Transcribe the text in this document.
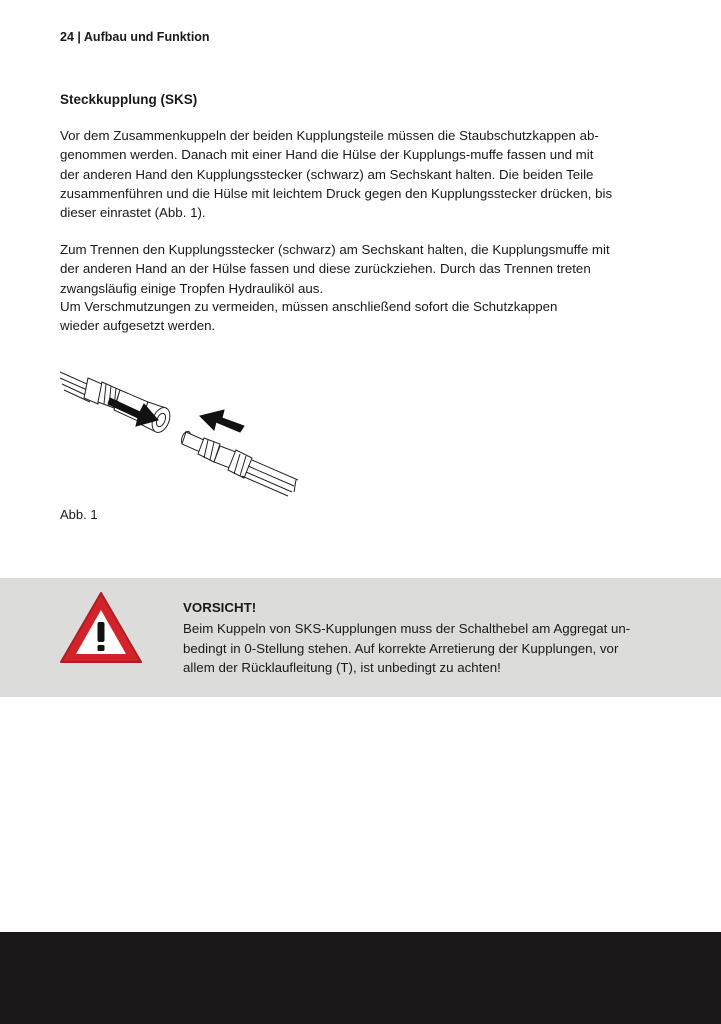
24 | Aufbau und Funktion
Steckkupplung (SKS)
Vor dem Zusammenkuppeln der beiden Kupplungsteile müssen die Staubschutzkappen ab-
genommen werden. Danach mit einer Hand die Hülse der Kupplungs-muffe fassen und mit
der anderen Hand den Kupplungsstecker (schwarz) am Sechskant halten. Die beiden Teile
zusammenführen und die Hülse mit leichtem Druck gegen den Kupplungsstecker drücken, bis
dieser einrastet (Abb. 1).
Zum Trennen den Kupplungsstecker (schwarz) am Sechskant halten, die Kupplungsmuffe mit
der anderen Hand an der Hülse fassen und diese zurückziehen. Durch das Trennen treten
zwangsläufig einige Tropfen Hydrauliköl aus.
Um Verschmutzungen zu vermeiden, müssen anschließend sofort die Schutzkappen
wieder aufgesetzt werden.
Abb. 1
VORSICHT!
Beim Kuppeln von SKS-Kupplungen muss der Schalthebel am Aggregat un-
bedingt in 0-Stellung stehen. Auf korrekte Arretierung der Kupplungen, vor
allem der Rücklaufleitung (T), ist unbedingt zu achten!
